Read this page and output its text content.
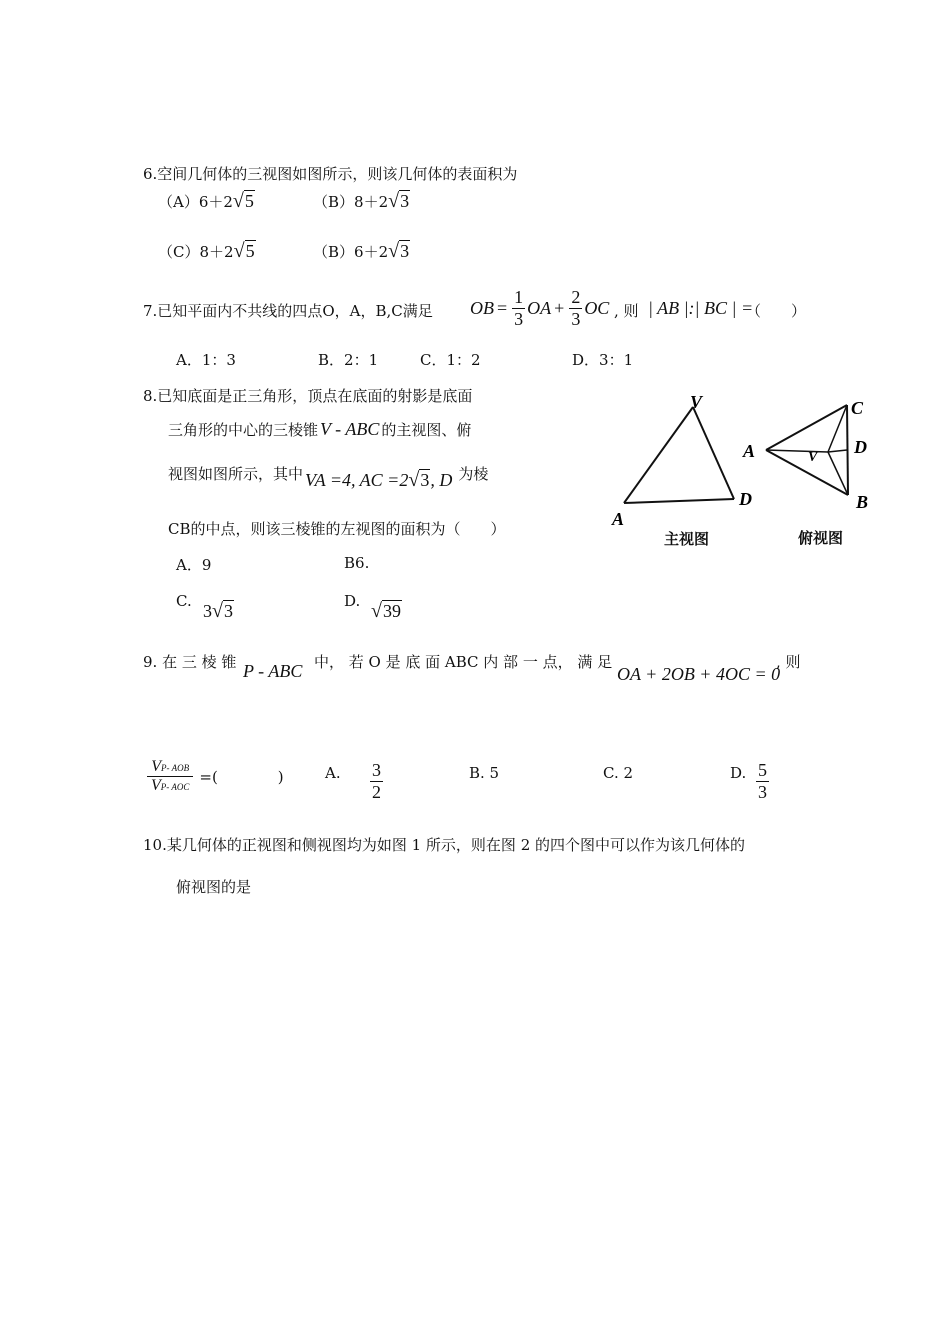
6.空间几何体的三视图如图所示，则该几何体的表面积为
（A）6＋2√5	（B）8＋2√3
（C）8＋2√5	（B）6＋2√3
7.已知平面内不共线的四点O，A，B,C满足 OB = $\frac{1}{3}$ OA + $\frac{2}{3}$ OC , 则 | AB |:| BC | =
（　　）
A．1：3	B．2：1	C．1：2	D．3：1
8.已知底面是正三角形，顶点在底面的射影是底面
三角形的中心的三棱锥 V - ABC 的主视图、俯
视图如图所示，其中 VA =4, AC =2√3, D 为棱
CB的中点，则该三棱锥的左视图的面积为（　　）
A．9	B6.
C. 3√3	D. √39
V
A
D
A	V
C
D
B
主视图	俯视图
9. 在 三 棱 锥 P - ABC 中， 若 O 是 底 面 ABC 内 部 一 点， 满 足
OA + 2OB + 4OC = 0
, 则
$\frac{\text{VP- AOB}}{\text{VP- AOC}}$ =(　　　　)	A. $\frac{3}{2}$	B. 5	C. 2	D. $\frac{5}{3}$
10.某几何体的正视图和侧视图均为如图 1 所示，则在图 2 的四个图中可以作为该几何体的
俯视图的是
